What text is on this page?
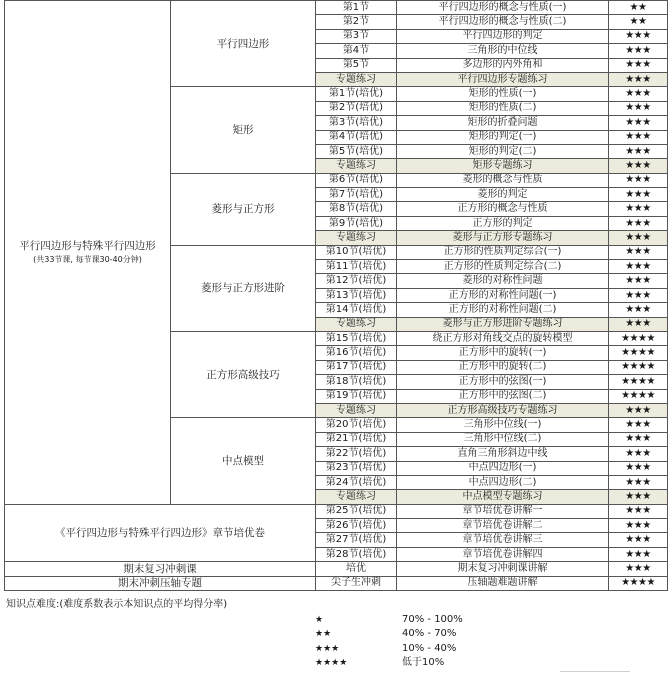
平行四边形与特殊平行四边形
(共33节课, 每节课30-40分钟)	平行四边形	第1节	平行四边形的概念与性质(一)	★★
		第2节	平行四边形的概念与性质(二)	★★
		第3节	平行四边形的判定	★★★
		第4节	三角形的中位线	★★★
		第5节	多边形的内外角和	★★★
		专题练习	平行四边形专题练习	★★★
	矩形	第1节(培优)	矩形的性质(一)	★★★
		第2节(培优)	矩形的性质(二)	★★★
		第3节(培优)	矩形的折叠问题	★★★
		第4节(培优)	矩形的判定(一)	★★★
		第5节(培优)	矩形的判定(二)	★★★
		专题练习	矩形专题练习	★★★
	菱形与正方形	第6节(培优)	菱形的概念与性质	★★★
		第7节(培优)	菱形的判定	★★★
		第8节(培优)	正方形的概念与性质	★★★
		第9节(培优)	正方形的判定	★★★
		专题练习	菱形与正方形专题练习	★★★
	菱形与正方形进阶	第10节(培优)	正方形的性质判定综合(一)	★★★
		第11节(培优)	正方形的性质判定综合(二)	★★★
		第12节(培优)	菱形的对称性问题	★★★
		第13节(培优)	正方形的对称性问题(一)	★★★
		第14节(培优)	正方形的对称性问题(二)	★★★
		专题练习	菱形与正方形进阶专题练习	★★★
	正方形高级技巧	第15节(培优)	绕正方形对角线交点的旋转模型	★★★★
		第16节(培优)	正方形中的旋转(一)	★★★★
		第17节(培优)	正方形中的旋转(二)	★★★★
		第18节(培优)	正方形中的弦图(一)	★★★★
		第19节(培优)	正方形中的弦图(二)	★★★★
		专题练习	正方形高级技巧专题练习	★★★
	中点模型	第20节(培优)	三角形中位线(一)	★★★
		第21节(培优)	三角形中位线(二)	★★★
		第22节(培优)	直角三角形斜边中线	★★★
		第23节(培优)	中点四边形(一)	★★★
		第24节(培优)	中点四边形(二)	★★★
		专题练习	中点模型专题练习	★★★
《平行四边形与特殊平行四边形》章节培优卷		第25节(培优)	章节培优卷讲解一	★★★
		第26节(培优)	章节培优卷讲解二	★★★
		第27节(培优)	章节培优卷讲解三	★★★
		第28节(培优)	章节培优卷讲解四	★★★
期末复习冲刺课		培优	期末复习冲刺课讲解	★★★
期末冲刺压轴专题		尖子生冲刺	压轴题难题讲解	★★★★
知识点难度:(难度系数表示本知识点的平均得分率)
★	70% - 100%
★★	40% - 70%
★★★	10% - 40%
★★★★	低于10%
